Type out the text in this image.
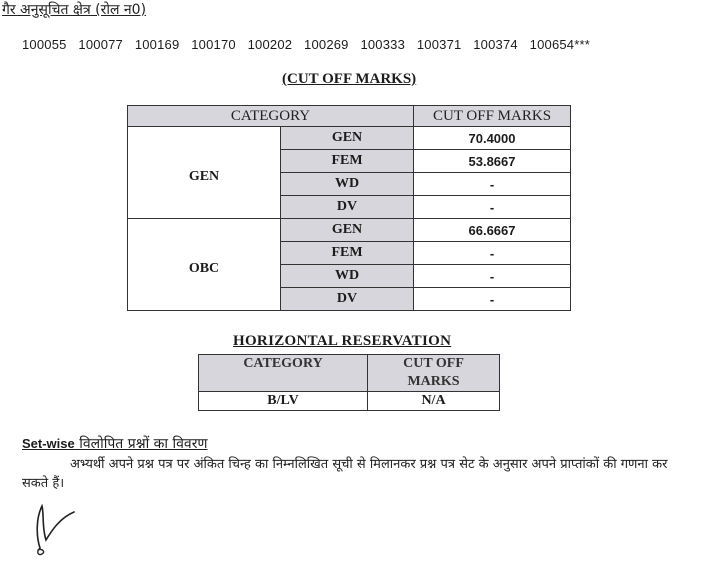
गैर अनुसूचित क्षेत्र (रोल न0)
100055 100077 100169 100170 100202 100269 100333 100371 100374 100654***
(CUT OFF MARKS)
CATEGORY		CUT OFF MARKS
GEN	GEN	70.4000
	FEM	53.8667
	WD	-
	DV	-
OBC	GEN	66.6667
	FEM	-
	WD	-
	DV	-
HORIZONTAL RESERVATION
CATEGORY	CUT OFF
MARKS
B/LV	N/A
Set-wise विलोपित प्रश्नों का विवरण
अभ्यर्थी अपने प्रश्न पत्र पर अंकित चिन्ह का निम्नलिखित सूची से मिलानकर प्रश्न पत्र सेट के अनुसार अपने प्राप्तांकों की गणना कर सकते हैं।
